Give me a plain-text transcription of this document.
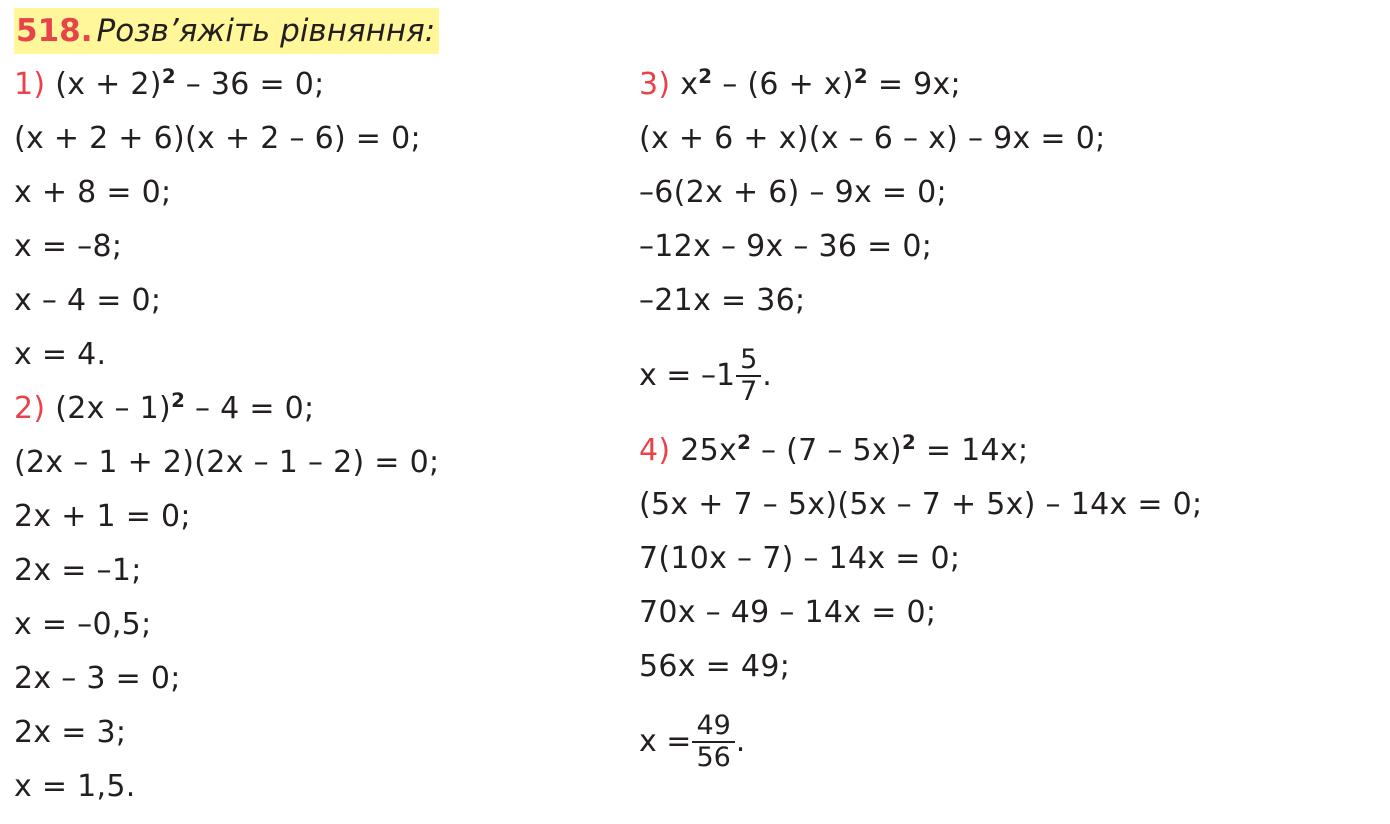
518. Розв’яжіть рівняння:
1) $(x + 2)^2 - 36 = 0$;
(x + 2 + 6)(x + 2 – 6) = 0;
x + 8 = 0;
x = –8;
x – 4 = 0;
x = 4.
2) (2x – 1)$^2$ – 4 = 0;
(2x – 1 + 2)(2x – 1 – 2) = 0;
2x + 1 = 0;
2x = –1;
x = –0,5;
2x – 3 = 0;
2x = 3;
x = 1,5.
3) $x^2 - (6 + x)^2 = 9x$;
(x + 6 + x)(x – 6 – x) – 9x = 0;
–6(2x + 6) – 9x = 0;
–12x – 9x – 36 = 0;
–21x = 36;
$x = -1 \frac{5}{7}$ .
4) $25x^2 - (7 - 5x)^2 = 14x$;
(5x + 7 – 5x)(5x – 7 + 5x) – 14x = 0;
7(10x – 7) – 14x = 0;
70x – 49 – 14x = 0;
56x = 49;
$x = \frac{49}{56}$ .
